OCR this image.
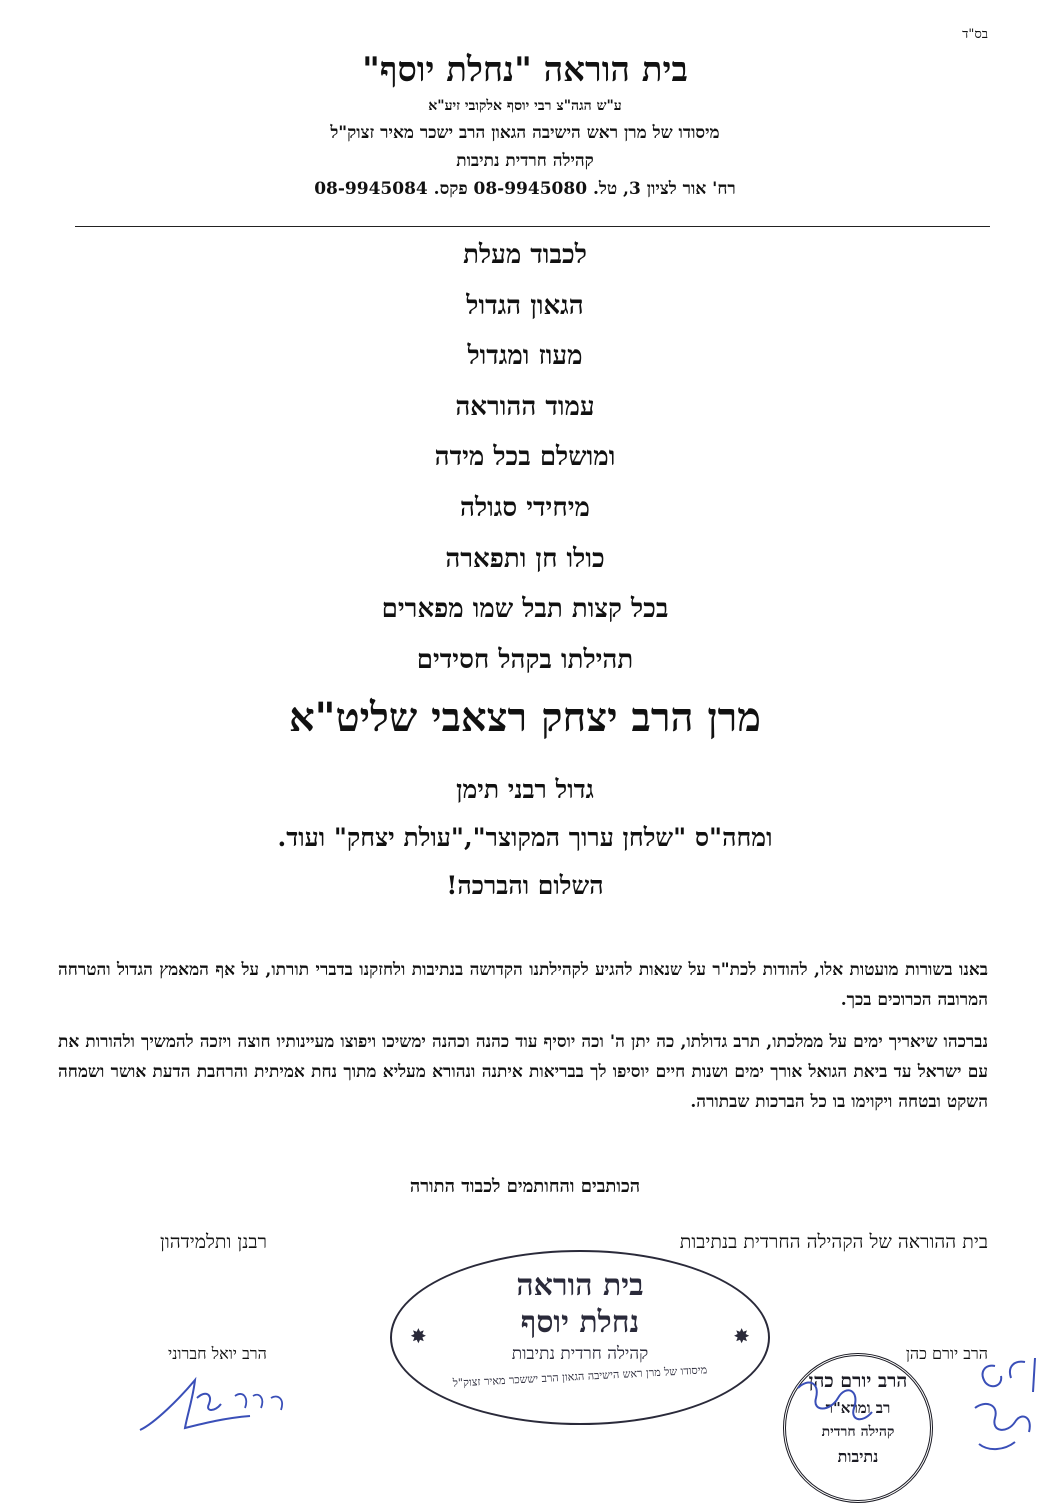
בס"ד

בית הוראה "נחלת יוסף"

ע"ש הגה"צ רבי יוסף אלקובי זיע"א

מיסודו של מרן ראש הישיבה הגאון הרב ישכר מאיר זצוק"ל

קהילה חרדית נתיבות

רח' אור לציון 3, טל. 08-9945080 פקס. 08-9945084

לכבוד מעלת

הגאון הגדול

מעוז ומגדול

עמוד ההוראה

ומושלם בכל מידה

מיחידי סגולה

כולו חן ותפארה

בכל קצות תבל שמו מפארים

תהילתו בקהל חסידים

מרן הרב יצחק רצאבי שליט"א

גדול רבני תימן

ומחה"ס "שלחן ערוך המקוצר","עולת יצחק" ועוד.

השלום והברכה!

באנו בשורות מועטות אלו, להודות לכת"ר על שנאות להגיע לקהילתנו הקדושה בנתיבות ולחזקנו בדברי תורתו, על אף המאמץ הגדול והטרחה המרובה הכרוכים בכך.

נברכהו שיאריך ימים על ממלכתו, תרב גדולתו, כה יתן ה' וכה יוסיף עוד כהנה וכהנה ימשיכו ויפוצו מעיינותיו חוצה ויזכה להמשיך ולהורות את עם ישראל עד ביאת הגואל אורך ימים ושנות חיים יוסיפו לך בבריאות איתנה ונהורא מעליא מתוך נחת אמיתית והרחבת הדעת אושר ושמחה השקט ובטחה ויקוימו בו כל הברכות שבתורה.

הכותבים והחותמים לכבוד התורה
בית ההוראה של הקהילה החרדית בנתיבות
רבנן ותלמידהון
הרב יורם כהן
הרב יואל חברוני
✸	✸
בית הוראה
נחלת יוסף
קהילה חרדית נתיבות
מיסודו של מרן ראש הישיבה הגאון הרב יששכר מאיר זצוק"ל	הרב יורם כהן
רב ומרא"ר
קהילה חרדית
נתיבות
